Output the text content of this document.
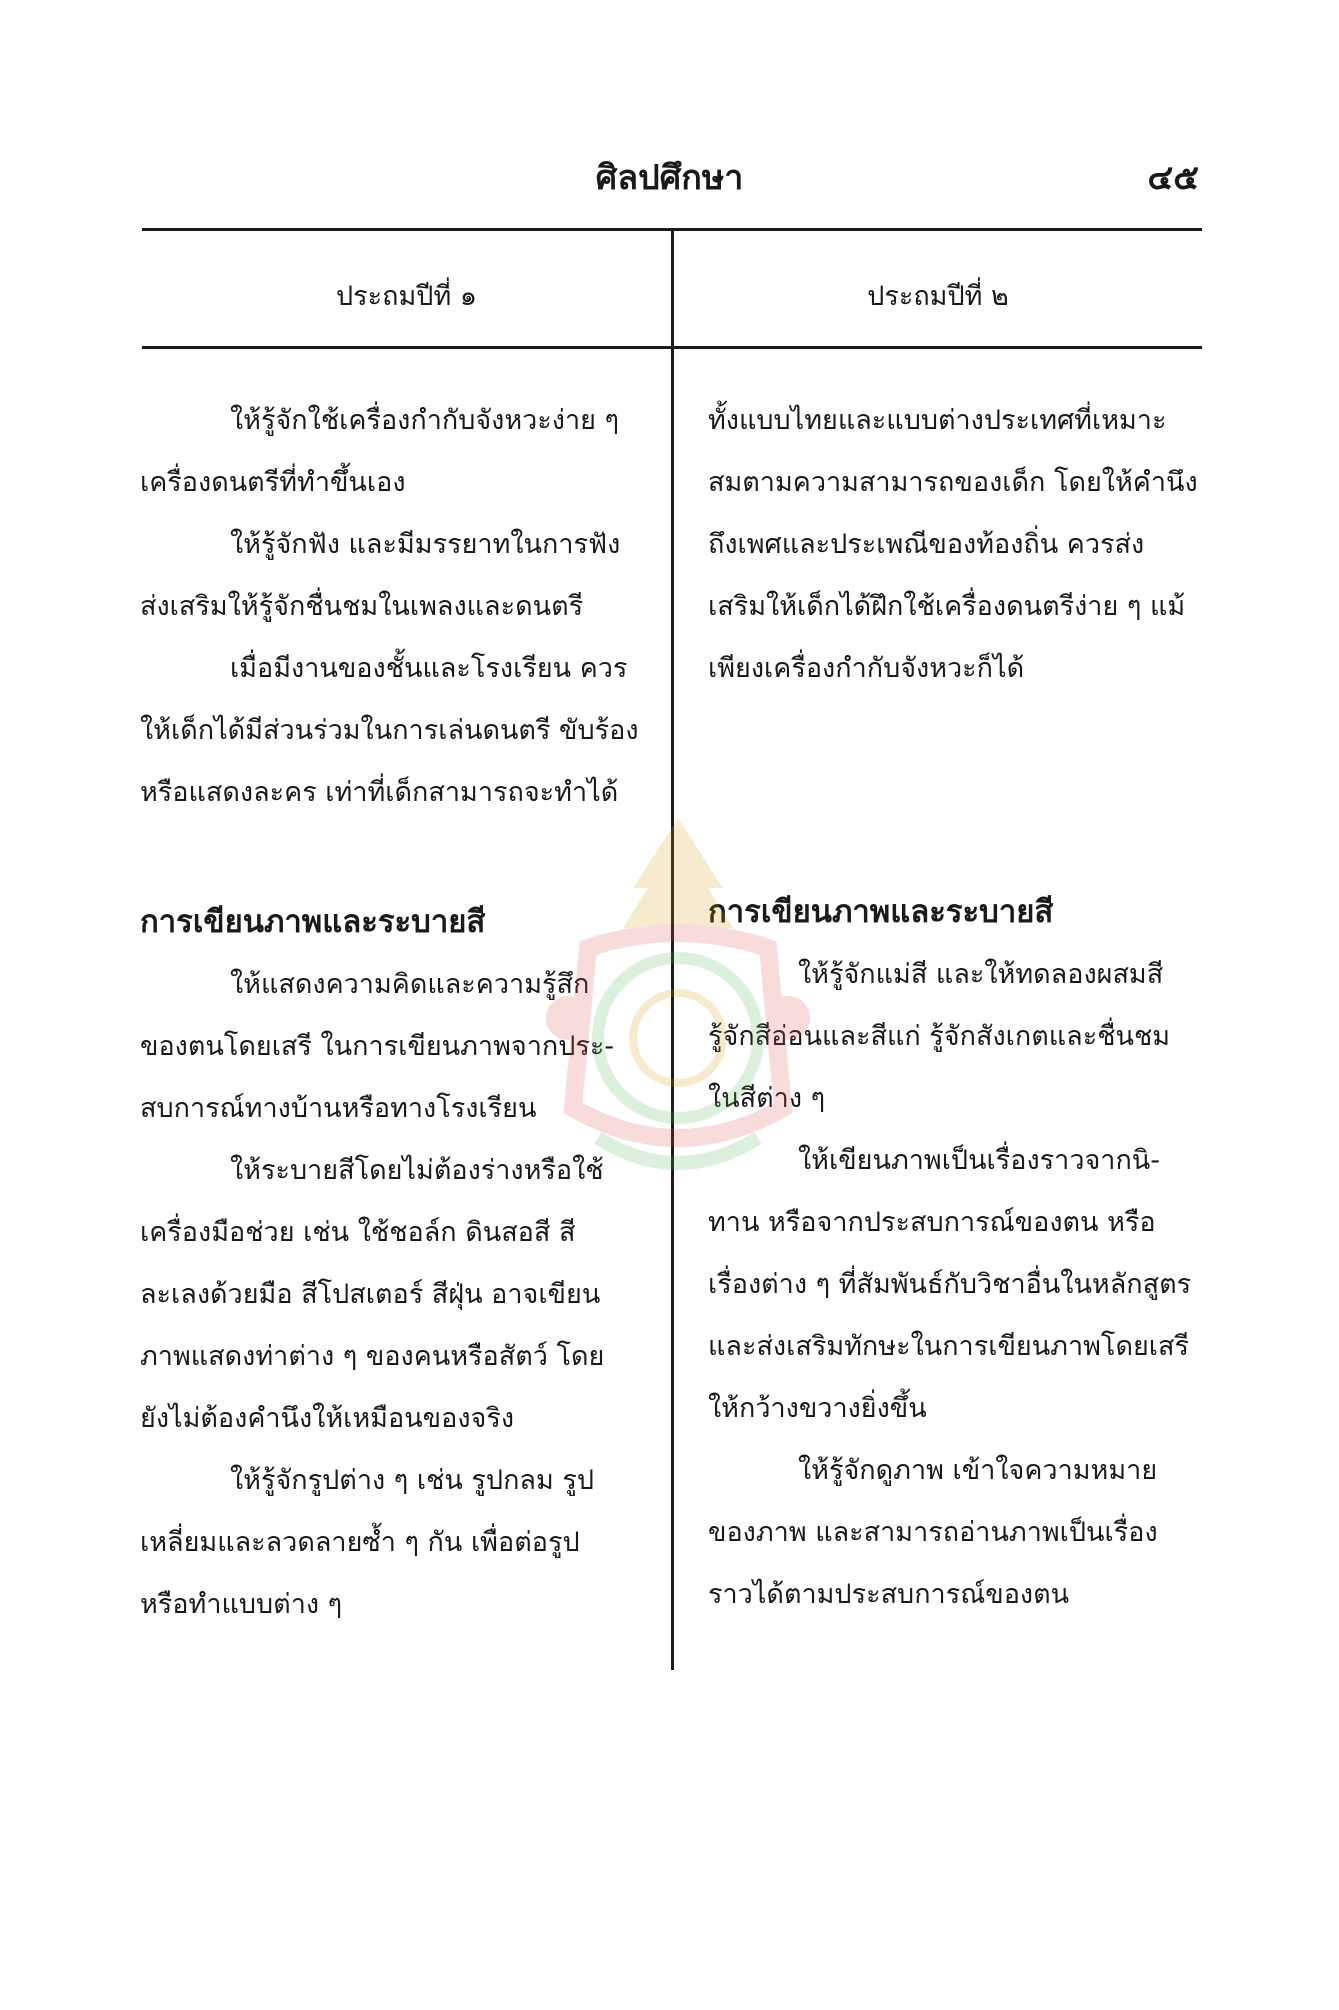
ศิลปศึกษา	๔๕
ประถมปีที่ ๑	ประถมปีที่ ๒
ให้รู้จักใช้เครื่องกำกับจังหวะง่าย ๆ
เครื่องดนตรีที่ทำขึ้นเอง
ให้รู้จักฟัง และมีมรรยาทในการฟัง
ส่งเสริมให้รู้จักชื่นชมในเพลงและดนตรี
เมื่อมีงานของชั้นและโรงเรียน ควร
ให้เด็กได้มีส่วนร่วมในการเล่นดนตรี ขับร้อง
หรือแสดงละคร เท่าที่เด็กสามารถจะทำได้
การเขียนภาพและระบายสี
ให้แสดงความคิดและความรู้สึก
ของตนโดยเสรี ในการเขียนภาพจากประ-
สบการณ์ทางบ้านหรือทางโรงเรียน
ให้ระบายสีโดยไม่ต้องร่างหรือใช้
เครื่องมือช่วย เช่น ใช้ชอล์ก ดินสอสี สี
ละเลงด้วยมือ สีโปสเตอร์ สีฝุ่น อาจเขียน
ภาพแสดงท่าต่าง ๆ ของคนหรือสัตว์ โดย
ยังไม่ต้องคำนึงให้เหมือนของจริง
ให้รู้จักรูปต่าง ๆ เช่น รูปกลม รูป
เหลี่ยมและลวดลายซ้ำ ๆ กัน เพื่อต่อรูป
หรือทำแบบต่าง ๆ
ทั้งแบบไทยและแบบต่างประเทศที่เหมาะ
สมตามความสามารถของเด็ก โดยให้คำนึง
ถึงเพศและประเพณีของท้องถิ่น ควรส่ง
เสริมให้เด็กได้ฝึกใช้เครื่องดนตรีง่าย ๆ แม้
เพียงเครื่องกำกับจังหวะก็ได้
การเขียนภาพและระบายสี
ให้รู้จักแม่สี และให้ทดลองผสมสี
รู้จักสีอ่อนและสีแก่ รู้จักสังเกตและชื่นชม
ในสีต่าง ๆ
ให้เขียนภาพเป็นเรื่องราวจากนิ-
ทาน หรือจากประสบการณ์ของตน หรือ
เรื่องต่าง ๆ ที่สัมพันธ์กับวิชาอื่นในหลักสูตร
และส่งเสริมทักษะในการเขียนภาพโดยเสรี
ให้กว้างขวางยิ่งขึ้น
ให้รู้จักดูภาพ เข้าใจความหมาย
ของภาพ และสามารถอ่านภาพเป็นเรื่อง
ราวได้ตามประสบการณ์ของตน
